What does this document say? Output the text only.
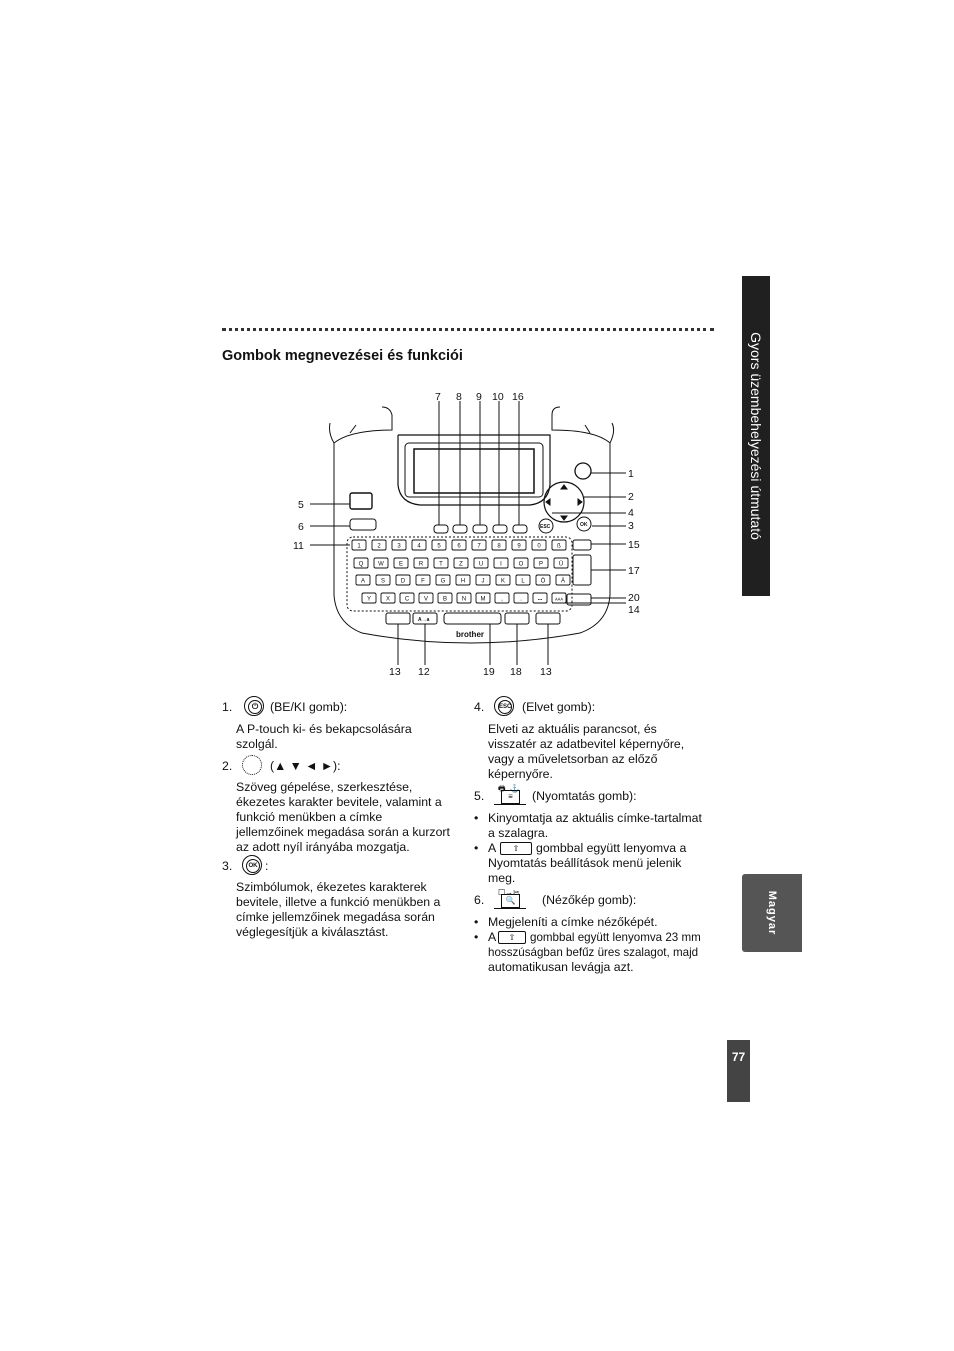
Gombok megnevezései és funkciói	Gyors üzembehelyezési útmutató
Magyar
77
1	2	3	4	5	6	7	8	9	0	ß
Q W	E	R	T	Z	U	I	O	P	Ü
A	S	D	F	G	H	J	K	L	Ö	Ä
Y X C V B N M	,	.	•••	ÀÁÄ
7 8 9 10 16
5
6
11
1
2
4
3
15
17
20
14
13 12	19 18 13
ESC	OK
A→a
brother
1.	⏻ (BE/KI gomb):

A P-touch ki- és bekapcsolására

szolgál.

2.	(▲ ▼ ◄ ►):

Szöveg gépelése, szerkesztése,

ékezetes karakter bevitele, valamint a

funkció menükben a címke

jellemzőinek megadása során a kurzort

az adott nyíl irányába mozgatja.

3.	OK :

Szimbólumok, ékezetes karakterek

bevitele, illetve a funkció menükben a

címke jellemzőinek megadása során

véglegesítjük a kiválasztást.

4. ESC (Elvet gomb):

Elveti az aktuális parancsot, és

visszatér az adatbevitel képernyőre,

vagy a műveletsorban az előző

képernyőre.

5.
🖶 ⚓
≡	(Nyomtatás gomb):
• Kinyomtatja az aktuális címke-tartalmat

a szalagra.

• A	⇧	gombbal együtt lenyomva a

Nyomtatás beállítások menü jelenik

meg.

6.
☐→✂
🔍	(Nézőkép gomb):
• Megjeleníti a címke nézőképét.

• A	⇧	gombbal együtt lenyomva 23 mm

hosszúságban befűz üres szalagot, majd

automatikusan levágja azt.
